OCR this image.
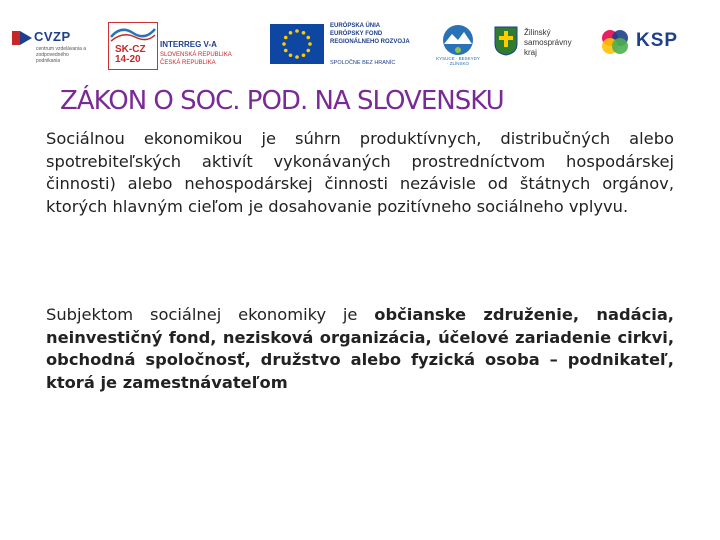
CVZP
centrum vzdelávania a zodpovedného podnikania
SK-CZ 14-20
INTERREG V-A
SLOVENSKÁ REPUBLIKA
ČESKÁ REPUBLIKA
EURÓPSKA ÚNIA
EURÓPSKY FOND
REGIONÁLNEHO ROZVOJA
SPOLOČNE BEZ HRANÍC
KYSUCE · BESKYDY · ZLÍNSKO
Žilinský
samosprávny
kraj
KSP
ZÁKON O SOC. POD. NA SLOVENSKU

Sociálnou ekonomikou je súhrn produktívnych, distribučných alebo spotrebiteľských aktivít vykonávaných prostredníctvom hospodárskej činnosti) alebo nehospodárskej činnosti nezávisle od štátnych orgánov, ktorých hlavným cieľom je dosahovanie pozitívneho sociálneho vplyvu.

Subjektom sociálnej ekonomiky je občianske združenie, nadácia, neinvestičný fond, nezisková organizácia, účelové zariadenie cirkvi, obchodná spoločnosť, družstvo alebo fyzická osoba – podnikateľ, ktorá je zamestnávateľom
